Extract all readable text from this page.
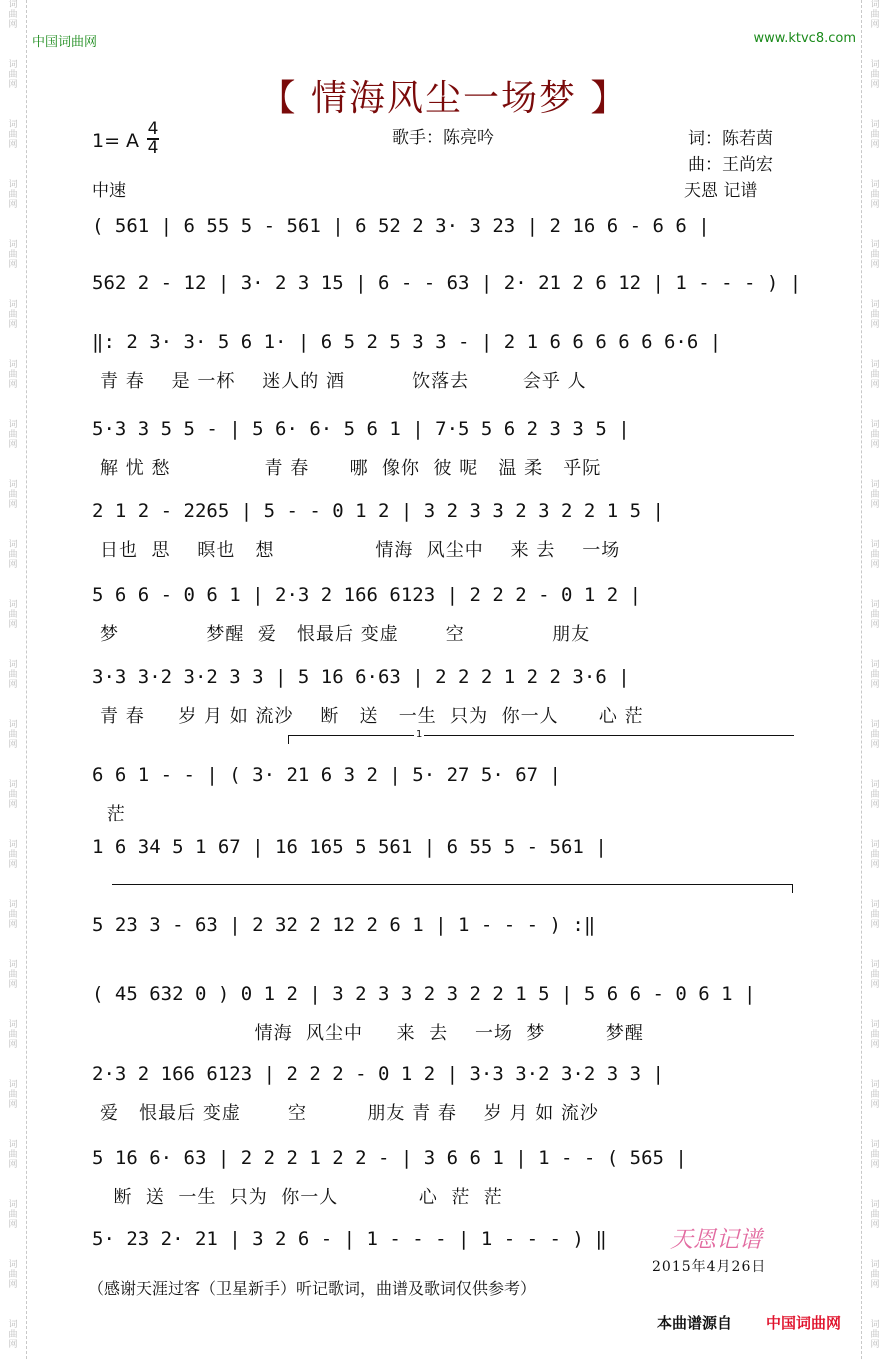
词
曲
网
词
曲
网
词
曲
网
词
曲
网
词
曲
网
词
曲
网
词
曲
网
词
曲
网
词
曲
网
词
曲
网
词
曲
网
词
曲
网
词
曲
网
词
曲
网
词
曲
网
词
曲
网
词
曲
网
词
曲
网
词
曲
网
词
曲
网
词
曲
网
词
曲
网
词
曲
网
词
曲
网
词
曲
网
词
曲
网
词
曲
网
词
曲
网
词
曲
网
词
曲
网
词
曲
网
词
曲
网
词
曲
网
词
曲
网
词
曲
网
词
曲
网
词
曲
网
词
曲
网
词
曲
网
词
曲
网
词
曲
网
词
曲
网
词
曲
网
词
曲
网
词
曲
网
词
曲
网
中国词曲网	www.ktvc8.com
【 情海风尘一场梦 】
1= A
4
4	歌手：陈亮吟	词：陈若茵
曲：王尚宏
天恩 记谱
中速
( 561 | 6 55 5 - 561 | 6 52 2 3· 3 23 | 2 16 6 - 6 6 |
562 2 - 12 | 3· 2 3 15 | 6 - - 63 | 2· 21 2 6 12 | 1 - - - ) |
‖: 2 3· 3· 5 6 1· | 6 5 2 5 3 3 - | 2 1 6 6 6 6 6 6·6 |
青 春    是 一杯    迷人的 酒          饮落去        会乎 人
5·3 3 5 5 - | 5 6· 6· 5 6 1 | 7·5 5 6 2 3 3 5 |
解 忧 愁              青 春      哪  像你  彼 呢   温 柔   乎阮
2 1 2 - 2265 | 5 - - 0 1 2 | 3 2 3 3 2 3 2 2 1 5 |
日也  思    暝也   想               情海  风尘中    来 去    一场
5 6 6 - 0 6 1 | 2·3 2 166 6123 | 2 2 2 - 0 1 2 |
梦             梦醒  爱   恨最后 变虚       空             朋友
3·3 3·2 3·2 3 3 | 5 16 6·63 | 2 2 2 1 2 2 3·6 |
青 春     岁 月 如 流沙    断   送   一生  只为  你一人      心 茫
6 6 1 - - | ( 3· 21 6 3 2 | 5· 27 5· 67 |
茫
1 6 34 5 1 67 | 16 165 5 561 | 6 55 5 - 561 |
5 23 3 - 63 | 2 32 2 12 2 6 1 | 1 - - - ) :‖
( 45 632 0 ) 0 1 2 | 3 2 3 3 2 3 2 2 1 5 | 5 6 6 - 0 6 1 |
情海  风尘中     来  去    一场  梦         梦醒
2·3 2 166 6123 | 2 2 2 - 0 1 2 | 3·3 3·2 3·2 3 3 |
爱   恨最后 变虚       空         朋友 青 春    岁 月 如 流沙
5 16 6· 63 | 2 2 2 1 2 2 - | 3 6 6 1 | 1 - - ( 565 |
断  送  一生  只为  你一人            心  茫  茫
5· 23 2· 21 | 3 2 6 - | 1 - - - | 1 - - - ) ‖
1
天恩记谱
2015年4月26日
（感谢天涯过客（卫星新手）听记歌词，曲谱及歌词仅供参考）
本曲谱源自 中国词曲网
